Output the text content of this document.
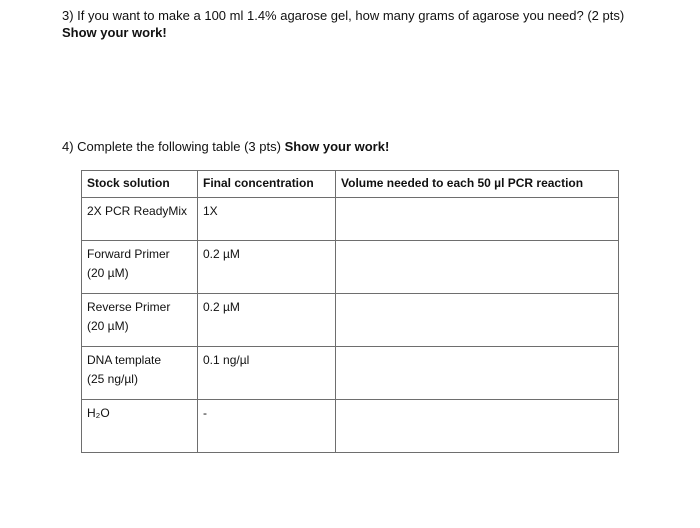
3) If you want to make a 100 ml 1.4% agarose gel, how many grams of agarose you need? (2 pts)
Show your work!
4) Complete the following table (3 pts) Show your work!
Stock solution	Final concentration	Volume needed to each 50 µl PCR reaction

2X PCR ReadyMix	1X	

Forward Primer
(20 µM)	0.2 µM	

Reverse Primer
(20 µM)	0.2 µM	

DNA template
(25 ng/µl)	0.1 ng/µl	

H₂O	-	
